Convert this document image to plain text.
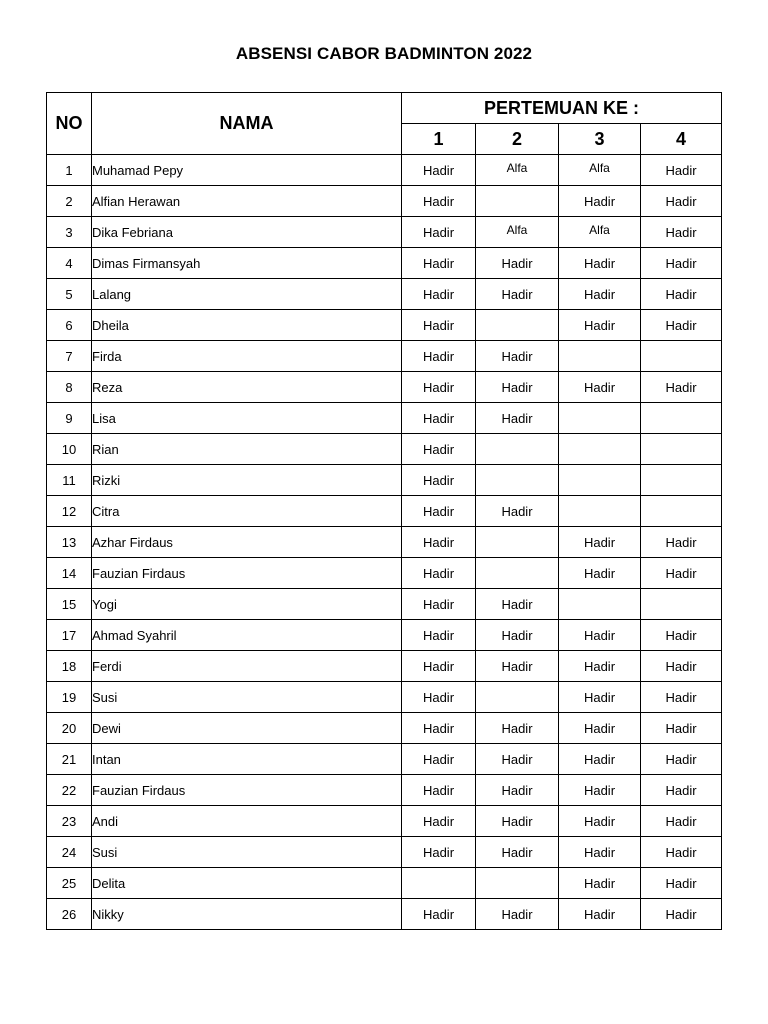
ABSENSI CABOR BADMINTON 2022
NO	NAMA	PERTEMUAN KE :			
		1	2	3	4
1	Muhamad Pepy	Hadir	Alfa	Alfa	Hadir
2	Alfian Herawan	Hadir		Hadir	Hadir
3	Dika Febriana	Hadir	Alfa	Alfa	Hadir
4	Dimas Firmansyah	Hadir	Hadir	Hadir	Hadir
5	Lalang	Hadir	Hadir	Hadir	Hadir
6	Dheila	Hadir		Hadir	Hadir
7	Firda	Hadir	Hadir		
8	Reza	Hadir	Hadir	Hadir	Hadir
9	Lisa	Hadir	Hadir		
10	Rian	Hadir			
11	Rizki	Hadir			
12	Citra	Hadir	Hadir		
13	Azhar Firdaus	Hadir		Hadir	Hadir
14	Fauzian Firdaus	Hadir		Hadir	Hadir
15	Yogi	Hadir	Hadir		
17	Ahmad Syahril	Hadir	Hadir	Hadir	Hadir
18	Ferdi	Hadir	Hadir	Hadir	Hadir
19	Susi	Hadir		Hadir	Hadir
20	Dewi	Hadir	Hadir	Hadir	Hadir
21	Intan	Hadir	Hadir	Hadir	Hadir
22	Fauzian Firdaus	Hadir	Hadir	Hadir	Hadir
23	Andi	Hadir	Hadir	Hadir	Hadir
24	Susi	Hadir	Hadir	Hadir	Hadir
25	Delita			Hadir	Hadir
26	Nikky	Hadir	Hadir	Hadir	Hadir
